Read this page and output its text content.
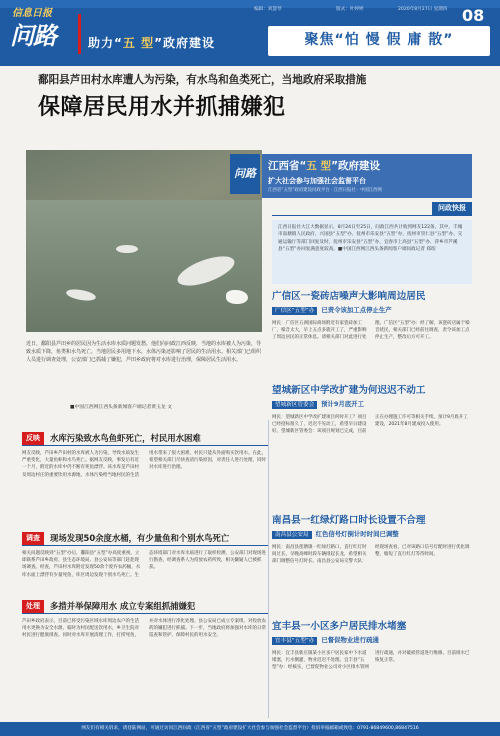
信息日报
问路	助力“五 型”政府建设
编辑：刘慧琴	版式：叶婷婷	2020年8月27日 星期四 08
聚焦“怕 慢 假 庸 散”
鄱阳县芦田村水库遭人为污染，有水鸟和鱼类死亡，当地政府采取措施
保障居民用水并抓捕嫌犯
问路
江西省“五 型”政府建设
扩大社会参与加强社会监督平台
江西省“五型”政府建设问政平台 · 江西日报社 · 中国江西网
近日，鄱阳县芦田乡的居民因为生活水库水质问题发愁，他们向问政江西反映，当地的水库被人为污染，导致水质下降，鱼类和水鸟死亡，当地居民多用地下水，水体污染还影响了居民的生活用水。相关部门已组织人员进行调查处理，公安部门已抓捕了嫌犯，芦田乡政府将对水库进行治理，保障居民生活用水。
■中国江西网江西头条新闻客户端记者黄玉龙 文
问政快报
江西日报社大江大数据显示，8月24日至25日，问政江西共计收到网友122条，其中，丰城市南塘镇人民政府、兴国县“五型”办、抚州市乐安县“五型”办、抚州市崇仁县“五型”办、交通运输厅等部门回复及时，抚州市乐安县“五型”办、宜春市上高县“五型”办、萍乡市芦溪县“五型”办回复满意度较高。■中国江西网江西头条新闻客户端问政记者 郑绍
广信区一瓷砖店噪声大影响周边居民
广信区“五型”办	已责令该加工点停止生产
网民：广信区五洲国际商场附近有家瓷砖加工厂，噪音太大，早上五点多就开工了，严重影响了周边居民的正常休息。请相关部门对此进行处理。广信区“五型”办：经了解，该瓷砖店属于噪音扰民，相关部门已经前往调查，责令该加工点停止生产，整改后方可开工。
望城新区中学改扩建为何迟迟不动工
望城新区管委会	预计9月底开工
网民：望城新区中学改扩建项目何时开工？项目已经招标很久了，迟迟不见动工，希望早日建设好。望城新区管委会：该项目规划已完成，目前正在办理施工许可等相关手续，预计9月底开工建设，2021年8月建成投入使用。
南昌县一红绿灯路口时长设置不合理
南昌县公安局	红色信号灯倒计时时间已调整
网民：南昌县莲塘镇一红绿灯路口，直行红灯时间过长，早晚高峰时段车辆排起长龙，希望相关部门调整信号灯时长。南昌县公安局交警大队：经现场查看，已对该路口信号灯配时进行优化调整，缩短了直行红灯等待时间。
宜丰县一小区多户居民排水堵塞
宜丰县“五型”办	已督促物业进行疏通
网民：宜丰县新庄镇某小区多户居民家中下水道堵塞，污水倒灌，物业迟迟不处理。宜丰县“五型”办：经核实，已督促物业公司对小区排水管网进行疏通，并对破损管道进行维修，目前排水已恢复正常。
反映	水库污染致水鸟鱼虾死亡，村民用水困难
网友反映，芦田乡芦田村的水库被人为污染，导致水质发生严重变化，大量鱼虾和水鸟死亡。据网友反映，事发后有近一个月，附近的水库中仍不断有死鱼漂浮。该水库是芦田村及周边村庄的重要饮用水源地，水体污染给当地村民的生活用水带来了很大困难，村民只能从外面购买饮用水。在此，希望相关部门尽快查清污染原因，对责任人进行处理，同时对水库进行治理。
调查	现场发现50余度水桶，有少量鱼和个别水鸟死亡
相关问题反映到“五型”办后，鄱阳县“五型”办高度重视，立即联系芦田乡政府、县生态环境局、县公安局等部门赶赴现场调查。经查，芦田村水库附近发现50余个废弃农药桶，水库水面上漂浮有少量死鱼，库区周边发现个别水鸟死亡。生态环境部门对水库水质进行了取样检测，公安部门对现场进行勘查，经调查系人为投放农药所致，相关嫌疑人已被抓获。
处理	多措并举保障用水 成立专案组抓捕嫌犯
芦田乡政府表示，目前已将受污染区域水库周边农户的生活用水更换为安全水源，临时为村民配送饮用水，乡卫生院对村民进行健康排查。同时对水库开展清理工作，打捞死鱼，并对水体进行净化处理。县公安局已成立专案组，对投放农药的嫌犯进行抓捕。下一步，当地政府将加强对水库的日常巡查和管护，保障村民的用水安全。
网友们有相关诉求，请登陆网站，可通过访问江西问政（江西省“五型”政府建设扩大社会参与加强社会监督平台）投诉举报邮箱或致电：0791-86849600,86847516
